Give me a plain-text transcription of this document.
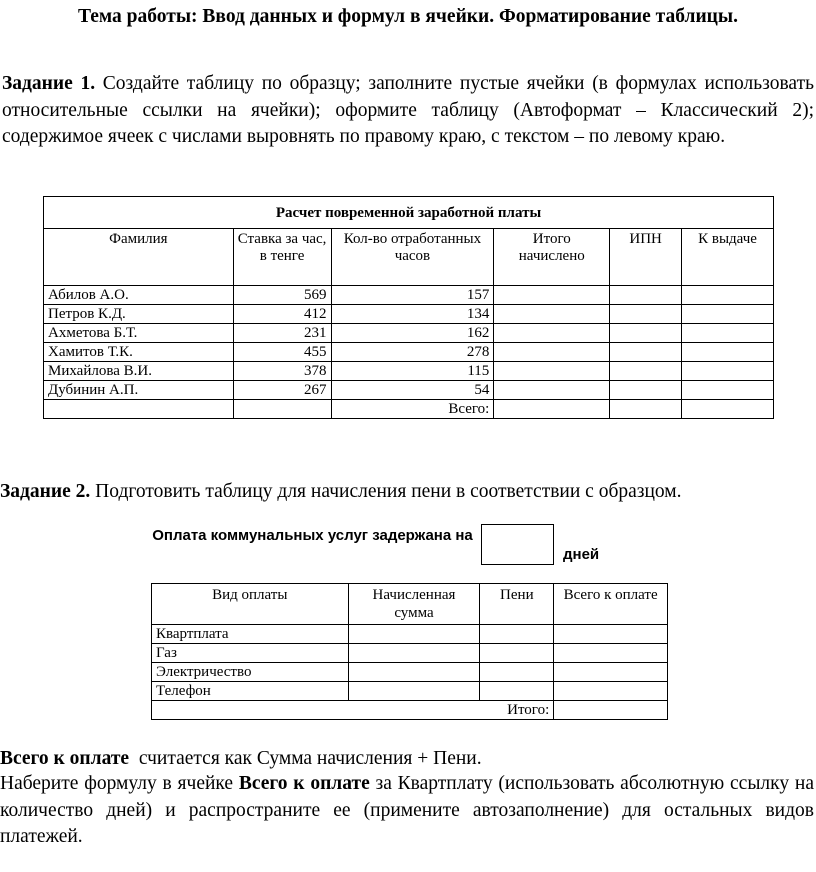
Тема работы: Ввод данных и формул в ячейки. Форматирование таблицы.
Задание 1. Создайте таблицу по образцу; заполните пустые ячейки (в формулах использовать относительные ссылки на ячейки); оформите таблицу (Автоформат – Классический 2); содержимое ячеек с числами выровнять по правому краю, с текстом – по левому краю.
Расчет повременной заработной платы					
Фамилия	Ставка за час, в тенге	Кол-во отработанных часов	Итого начислено	ИПН	К выдаче
Абилов А.О.	569	157			
Петров К.Д.	412	134			
Ахметова Б.Т.	231	162			
Хамитов Т.К.	455	278			
Михайлова В.И.	378	115			
Дубинин А.П.	267	54			
		Всего:			
Задание 2. Подготовить таблицу для начисления пени в соответствии с образцом.
Оплата коммунальных услуг задержана на
дней
Вид оплаты	Начисленная сумма	Пени	Всего к оплате
Квартплата			
Газ			
Электричество			
Телефон			
Итого:			
Всего к оплате  считается как Сумма начисления + Пени.
Наберите формулу в ячейке Всего к оплате за Квартплату (использовать абсолютную ссылку на количество дней) и распространите ее (примените автозаполнение) для остальных видов платежей.
